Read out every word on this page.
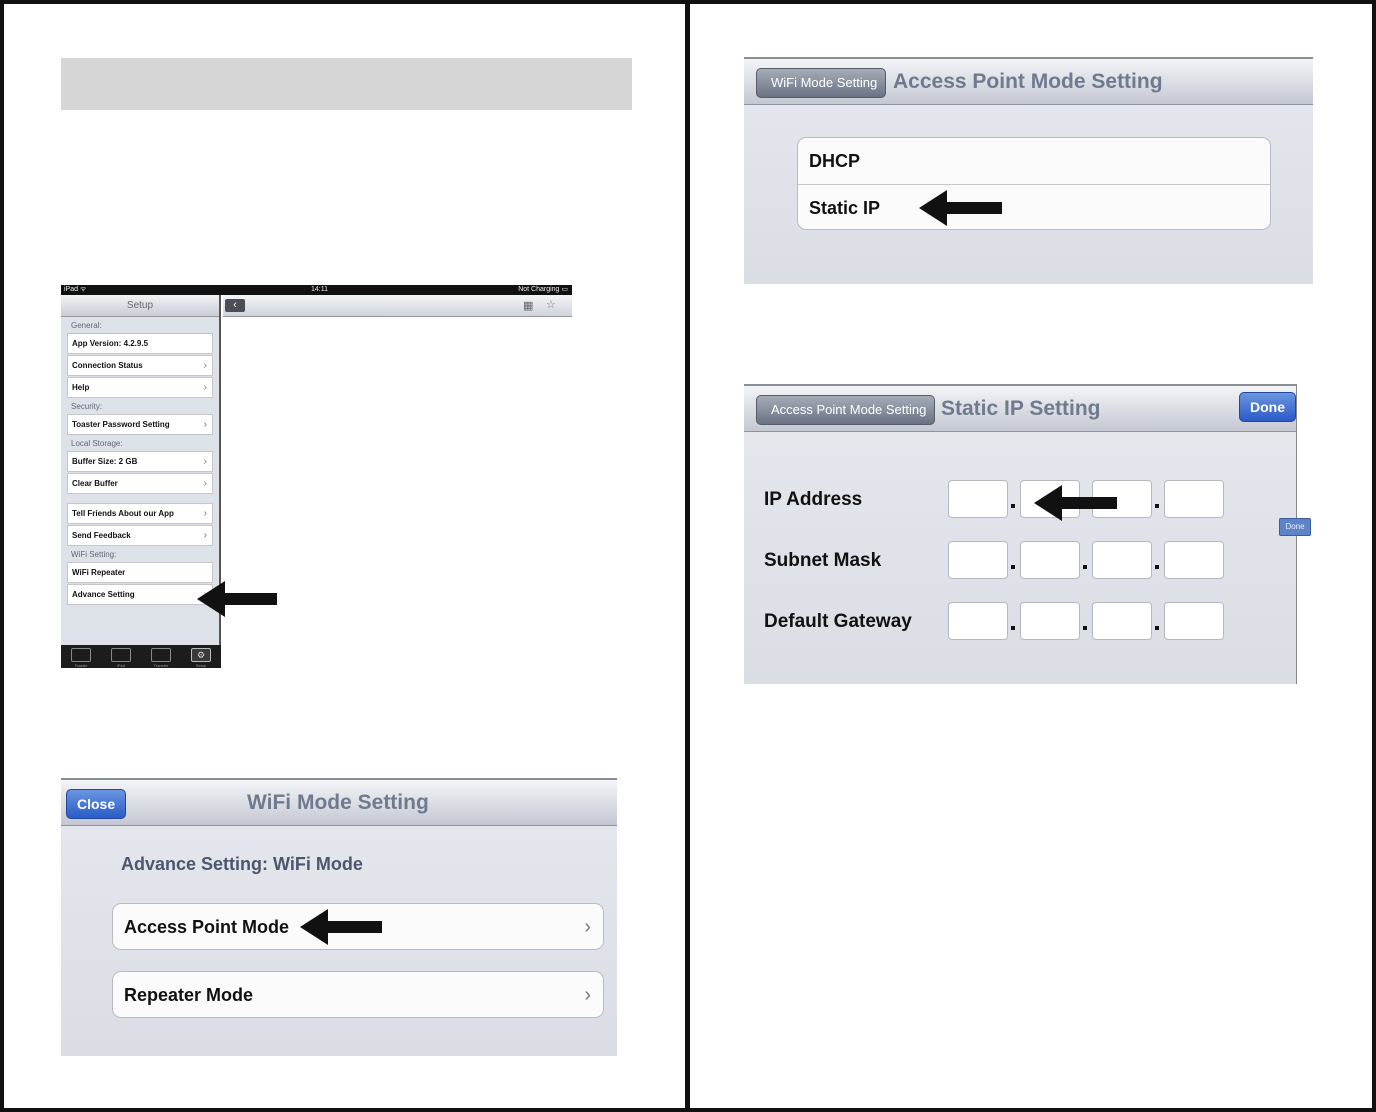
iPad ᯤ	14:11	Not Charging ▭
Setup
General:
App Version: 4.2.9.5
Connection Status	›
Help	›
Security:
Toaster Password Setting	›
Local Storage:
Buffer Size: 2 GB	›
Clear Buffer	›
Tell Friends About our App	›
Send Feedback	›
WiFi Setting:
WiFi Repeater
Advance Setting	›
Toaster	iPad	Transfer
⚙
Setup
‹	▦ ☆
Close	WiFi Mode Setting
Advance Setting: WiFi Mode
Access Point Mode	›
Repeater Mode	›
WiFi Mode Setting Access Point Mode Setting
DHCP
Static IP
Access Point Mode Setting Static IP Setting	Done
IP Address
Subnet Mask
Default Gateway
Done
